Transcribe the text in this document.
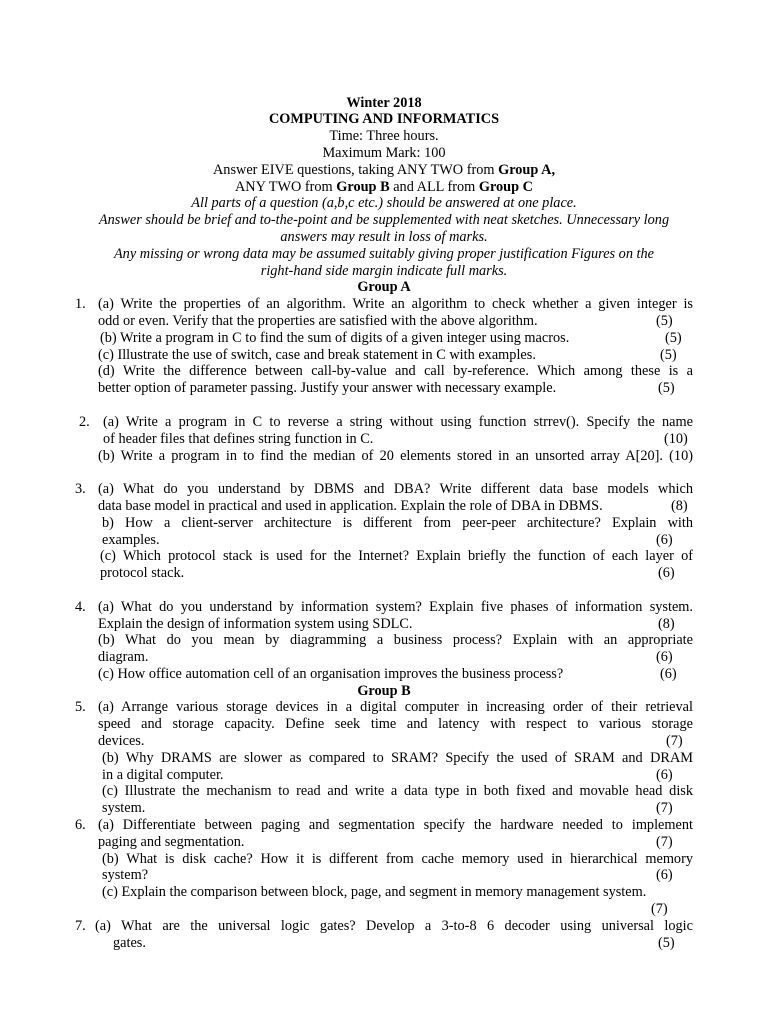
Winter 2018
COMPUTING AND INFORMATICS
Time: Three hours.
Maximum Mark: 100
Answer EIVE questions, taking ANY TWO from Group A,
ANY TWO from Group B and ALL from Group C
All parts of a question (a,b,c etc.) should be answered at one place.
Answer should be brief and to-the-point and be supplemented with neat sketches. Unnecessary long
answers may result in loss of marks.
Any missing or wrong data may be assumed suitably giving proper justification Figures on the
right-hand side margin indicate full marks.
Group A
1. (a) Write the properties of an algorithm. Write an algorithm to check whether a given integer is
odd or even. Verify that the properties are satisfied with the above algorithm.	(5)
(b) Write a program in C to find the sum of digits of a given integer using macros.	(5)
(c) Illustrate the use of switch, case and break statement in C with examples.	(5)
(d) Write the difference between call-by-value and call by-reference. Which among these is a
better option of parameter passing. Justify your answer with necessary example.	(5)
2. (a) Write a program in C to reverse a string without using function strrev(). Specify the name
of header files that defines string function in C.	(10)
(b) Write a program in to find the median of 20 elements stored in an unsorted array A[20]. (10)
3. (a) What do you understand by DBMS and DBA? Write different data base models which
data base model in practical and used in application. Explain the role of DBA in DBMS.	(8)
b) How a client-server architecture is different from peer-peer architecture? Explain with
examples.	(6)
(c) Which protocol stack is used for the Internet? Explain briefly the function of each layer of
protocol stack.	(6)
4. (a) What do you understand by information system? Explain five phases of information system.
Explain the design of information system using SDLC.	(8)
(b) What do you mean by diagramming a business process? Explain with an appropriate
diagram.	(6)
(c) How office automation cell of an organisation improves the business process?	(6)
Group B
5. (a) Arrange various storage devices in a digital computer in increasing order of their retrieval
speed and storage capacity. Define seek time and latency with respect to various storage
devices.	(7)
(b) Why DRAMS are slower as compared to SRAM? Specify the used of SRAM and DRAM
in a digital computer.	(6)
(c) Illustrate the mechanism to read and write a data type in both fixed and movable head disk
system.	(7)
6. (a) Differentiate between paging and segmentation specify the hardware needed to implement
paging and segmentation.	(7)
(b) What is disk cache? How it is different from cache memory used in hierarchical memory
system?	(6)
(c) Explain the comparison between block, page, and segment in memory management system.
(7)
7. (a) What are the universal logic gates? Develop a 3-to-8 6 decoder using universal logic
gates.	(5)
